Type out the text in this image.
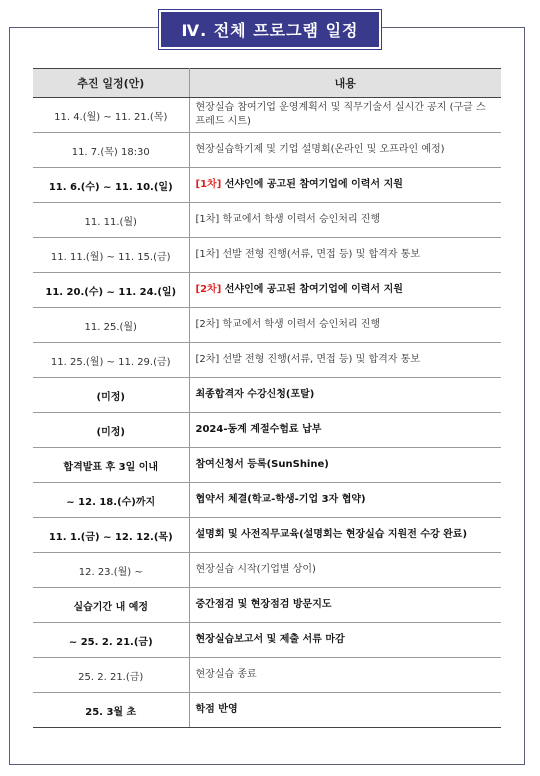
Ⅳ. 전체 프로그램 일정
추진 일정(안)	내용
11. 4.(월) ~ 11. 21.(목)	현장실습 참여기업 운영계획서 및 직무기술서 실시간 공지 (구글 스프레드 시트)
11. 7.(목) 18:30	현장실습학기제 및 기업 설명회(온라인 및 오프라인 예정)
11. 6.(수) ~ 11. 10.(일)	[1차] 선샤인에 공고된 참여기업에 이력서 지원
11. 11.(월)	[1차] 학교에서 학생 이력서 승인처리 진행
11. 11.(월) ~ 11. 15.(금)	[1차] 선발 전형 진행(서류, 면접 등) 및 합격자 통보
11. 20.(수) ~ 11. 24.(일)	[2차] 선샤인에 공고된 참여기업에 이력서 지원
11. 25.(월)	[2차] 학교에서 학생 이력서 승인처리 진행
11. 25.(월) ~ 11. 29.(금)	[2차] 선발 전형 진행(서류, 면접 등) 및 합격자 통보
(미정)	최종합격자 수강신청(포탈)
(미정)	2024-동계 계절수험료 납부
합격발표 후 3일 이내	참여신청서 등록(SunShine)
~ 12. 18.(수)까지	협약서 체결(학교-학생-기업 3자 협약)
11. 1.(금) ~ 12. 12.(목)	설명회 및 사전직무교육(설명회는 현장실습 지원전 수강 완료)
12. 23.(월) ~	현장실습 시작(기업별 상이)
실습기간 내 예정	중간점검 및 현장점검 방문지도
~ 25. 2. 21.(금)	현장실습보고서 및 제출 서류 마감
25. 2. 21.(금)	현장실습 종료
25. 3월 초	학점 반영
